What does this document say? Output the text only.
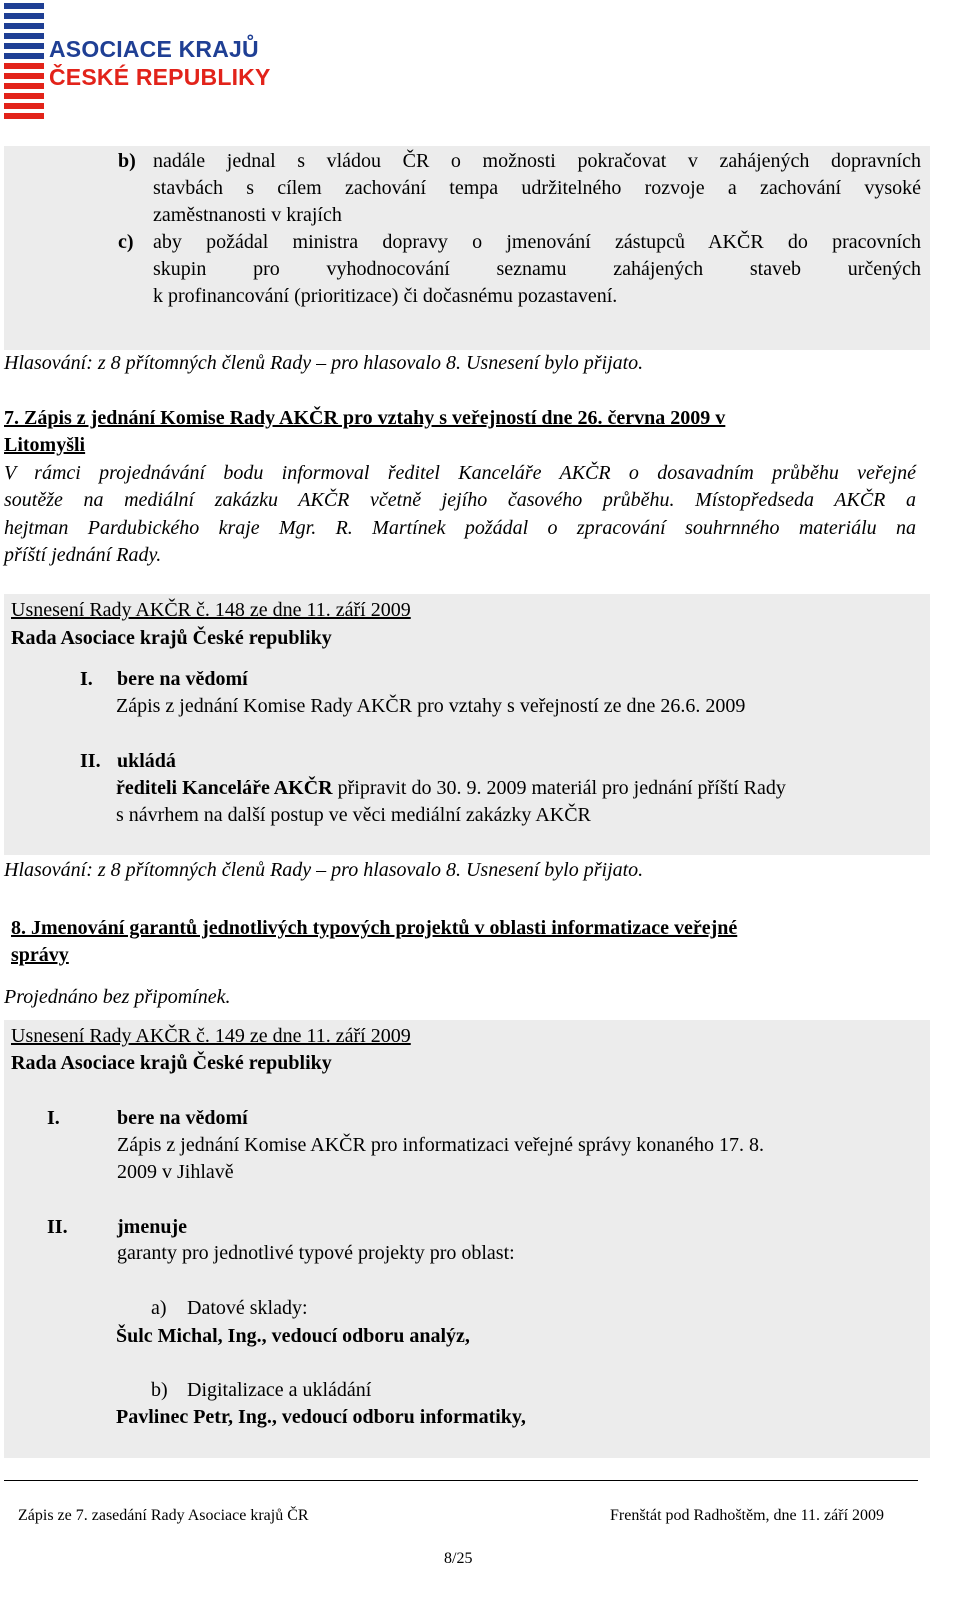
ASOCIACE KRAJŮ
ČESKÉ REPUBLIKY
b) nadále jednal s vládou ČR o možnosti pokračovat v zahájených dopravních
stavbách s cílem zachování tempa udržitelného rozvoje a zachování vysoké
zaměstnanosti v krajích
c) aby požádal ministra dopravy o jmenování zástupců AKČR do pracovních
skupin pro vyhodnocování seznamu zahájených staveb určených
k profinancování (prioritizace) či dočasnému pozastavení.
Hlasování: z 8 přítomných členů Rady – pro hlasovalo 8. Usnesení bylo přijato.
7. Zápis z jednání Komise Rady AKČR pro vztahy s veřejností dne 26. června 2009 v
Litomyšli
V rámci projednávání bodu informoval ředitel Kanceláře AKČR o dosavadním průběhu veřejné
soutěže na mediální zakázku AKČR včetně jejího časového průběhu. Místopředseda AKČR a
hejtman Pardubického kraje Mgr. R. Martínek požádal o zpracování souhrnného materiálu na
příští jednání Rady.
Usnesení Rady AKČR č. 148 ze dne 11. září 2009
Rada Asociace krajů České republiky
I. bere na vědomí
Zápis z jednání Komise Rady AKČR pro vztahy s veřejností ze dne 26.6. 2009
II. ukládá
řediteli Kanceláře AKČR připravit do 30. 9. 2009 materiál pro jednání příští Rady
s návrhem na další postup ve věci mediální zakázky AKČR
Hlasování: z 8 přítomných členů Rady – pro hlasovalo 8. Usnesení bylo přijato.
8. Jmenování garantů jednotlivých typových projektů v oblasti informatizace veřejné
správy
Projednáno bez připomínek.
Usnesení Rady AKČR č. 149 ze dne 11. září 2009
Rada Asociace krajů České republiky
I.	bere na vědomí
Zápis z jednání Komise AKČR pro informatizaci veřejné správy konaného 17. 8.
2009 v Jihlavě
II. jmenuje
garanty pro jednotlivé typové projekty pro oblast:
a) Datové sklady:
Šulc Michal, Ing., vedoucí odboru analýz,
b) Digitalizace a ukládání
Pavlinec Petr, Ing., vedoucí odboru informatiky,
Zápis ze 7. zasedání Rady Asociace krajů ČR	Frenštát pod Radhoštěm, dne 11. září 2009
8/25
